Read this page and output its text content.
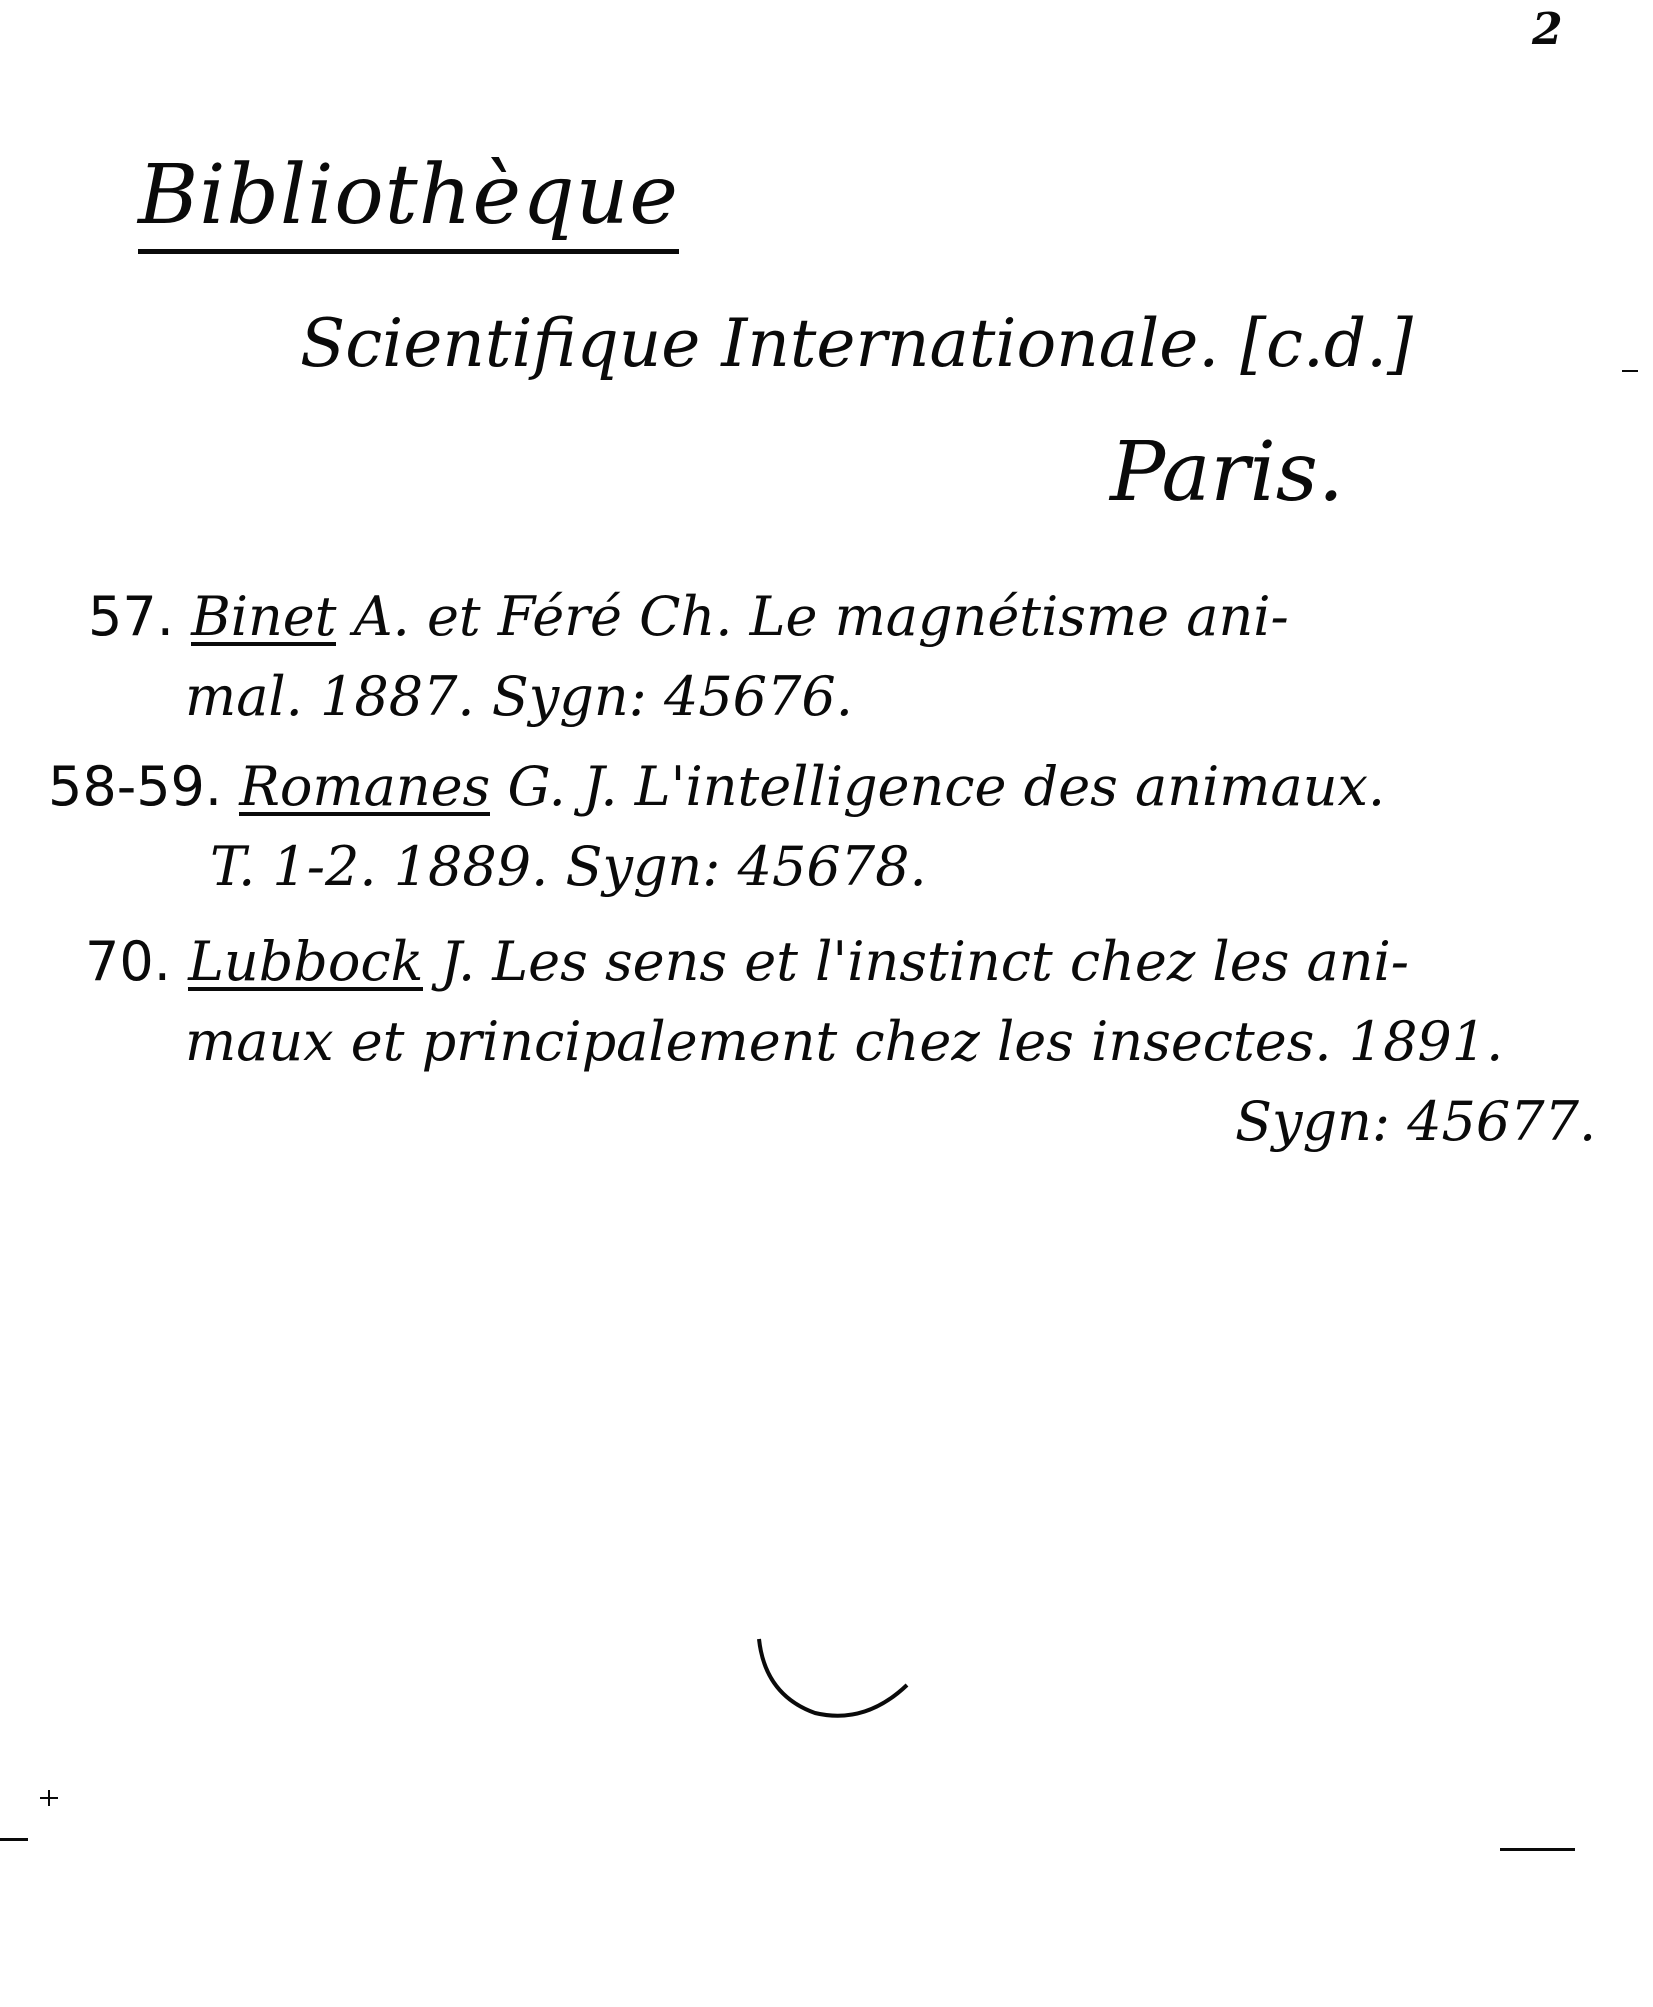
2
Bibliothèque
Scientifique Internationale. [c.d.]
Paris.
57. Binet A. et Féré Ch. Le magnétisme ani-
mal. 1887. Sygn: 45676.
58-59. Romanes G. J. L'intelligence des animaux.
T. 1-2. 1889. Sygn: 45678.
70. Lubbock J. Les sens et l'instinct chez les ani-
maux et principalement chez les insectes. 1891.
Sygn: 45677.
